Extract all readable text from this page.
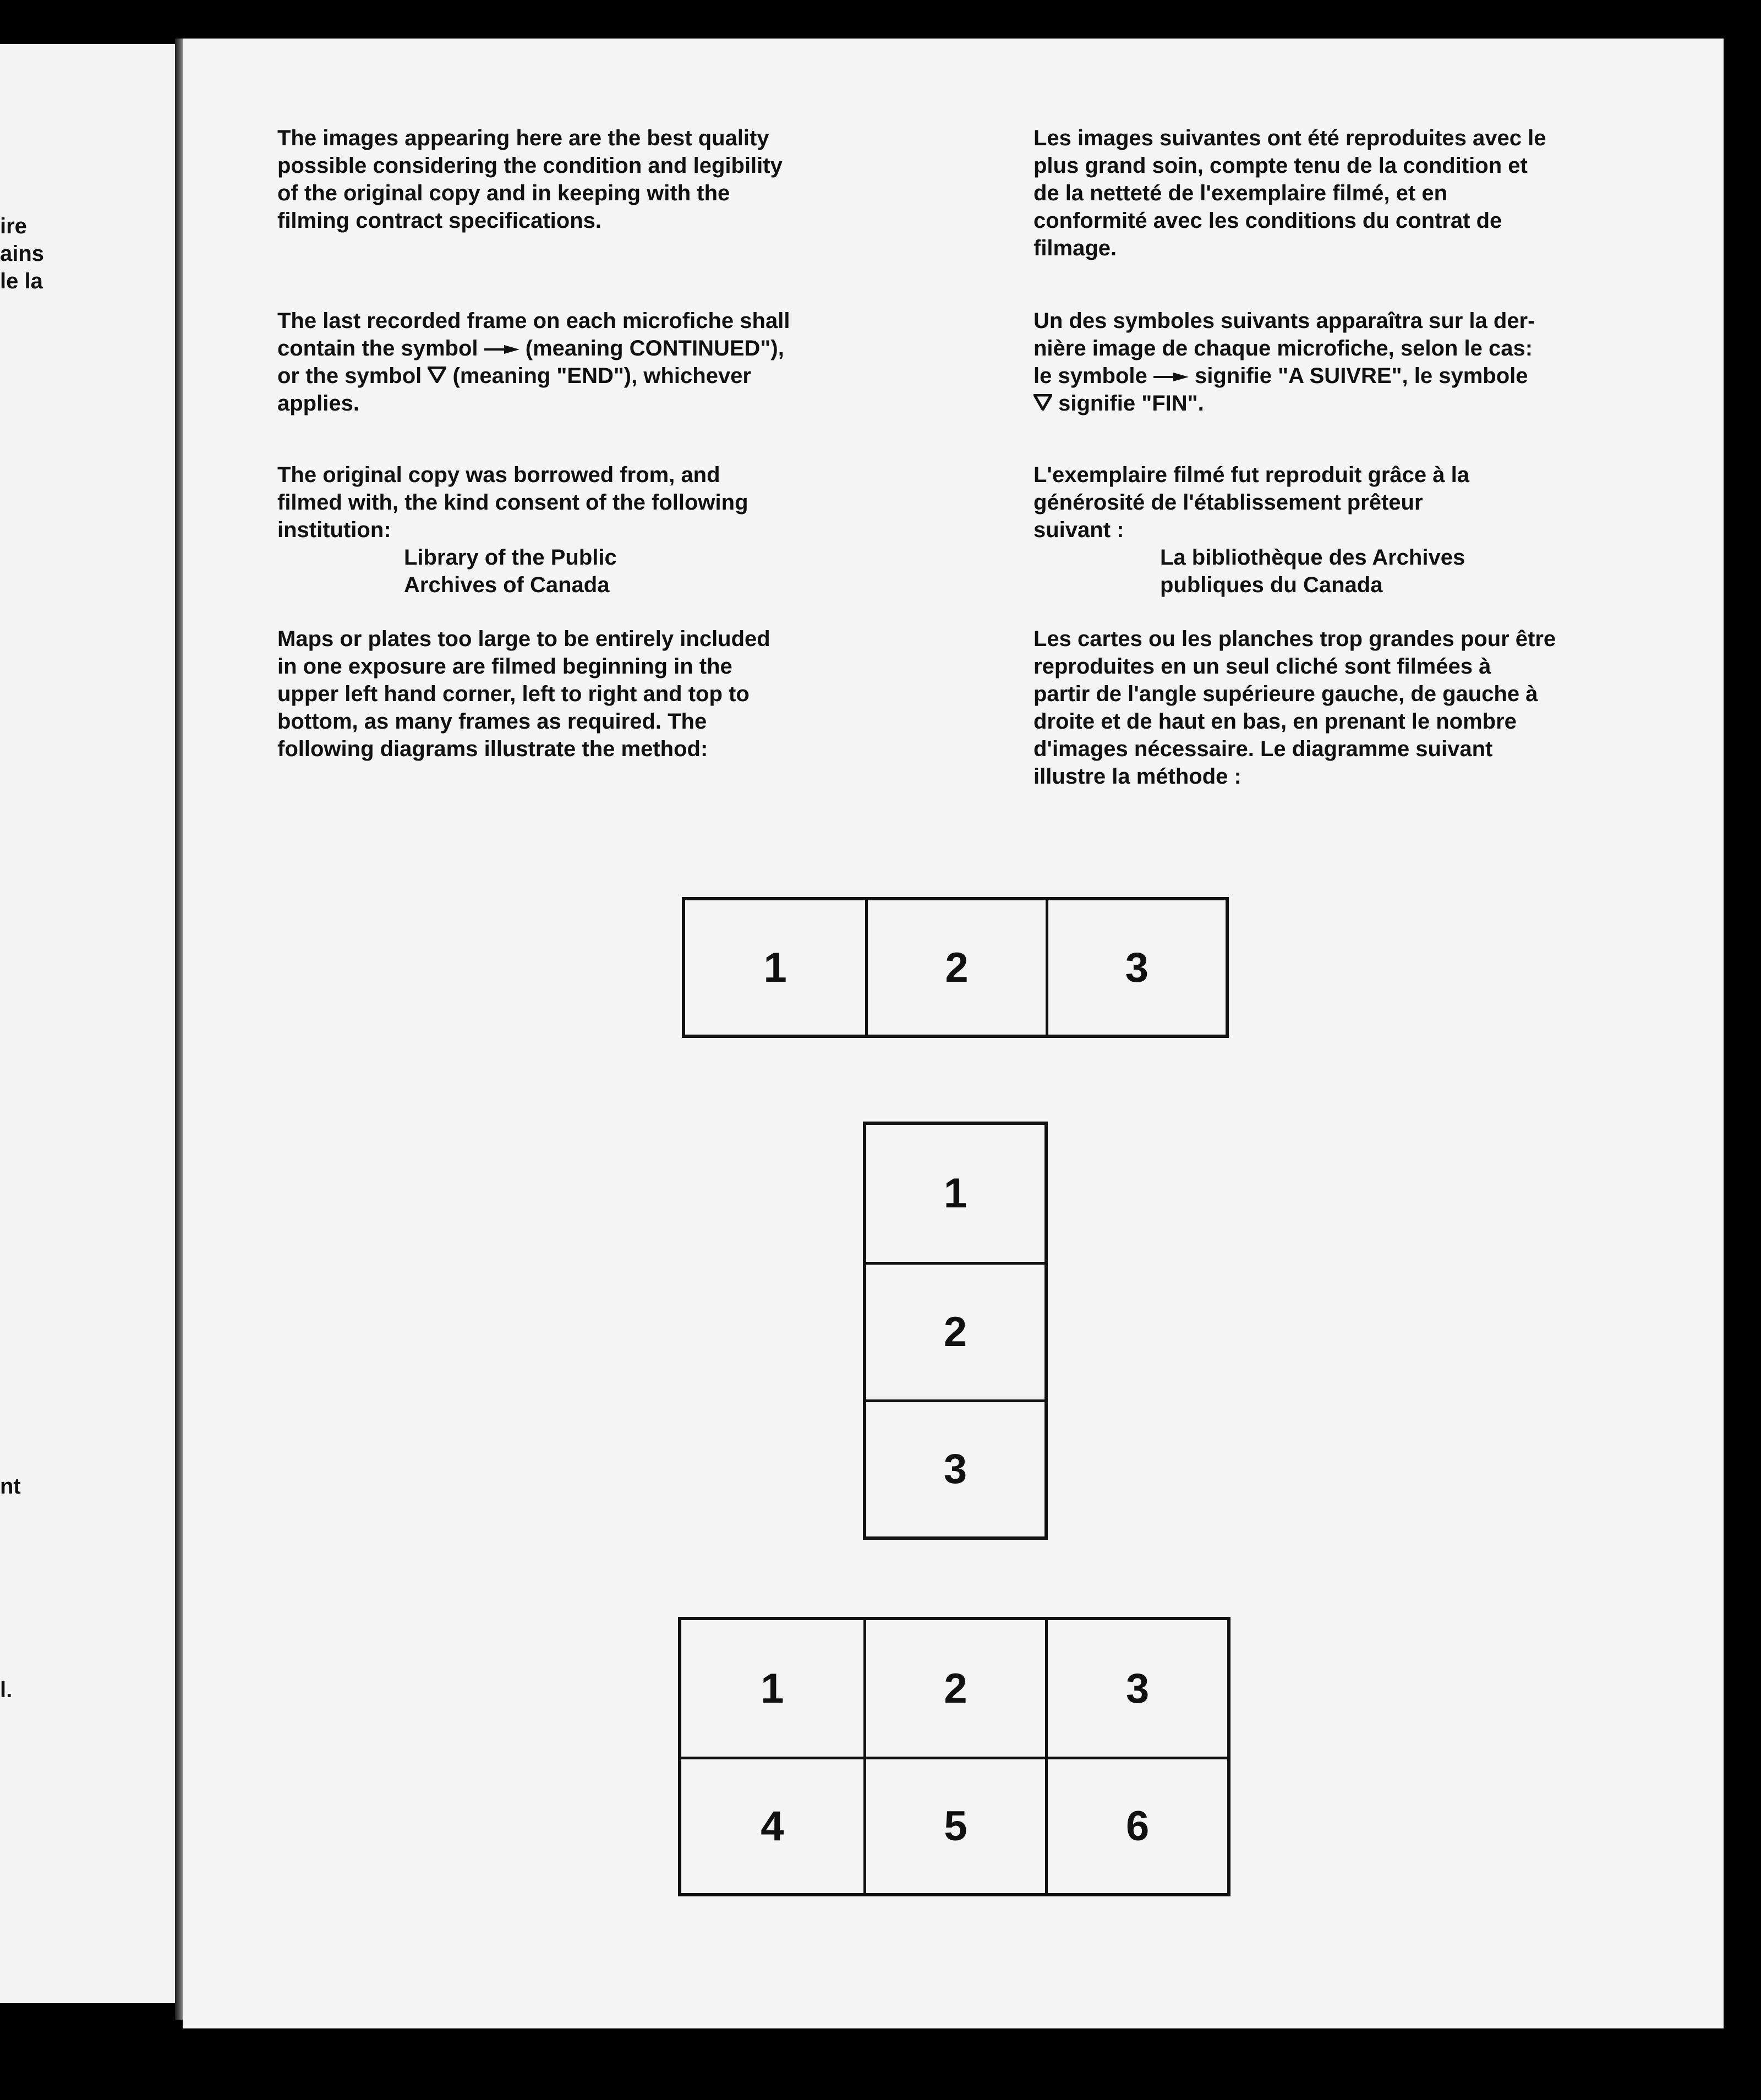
ire
ains
le la
nt
l.

The images appearing here are the best quality
possible considering the condition and legibility
of the original copy and in keeping with the
filming contract specifications.

The last recorded frame on each microfiche shall
contain the symbol (meaning CONTINUED"),
or the symbol (meaning "END"), whichever
applies.

The original copy was borrowed from, and
filmed with, the kind consent of the following
institution:

Library of the Public
Archives of Canada

Maps or plates too large to be entirely included
in one exposure are filmed beginning in the
upper left hand corner, left to right and top to
bottom, as many frames as required. The
following diagrams illustrate the method:

Les images suivantes ont été reproduites avec le
plus grand soin, compte tenu de la condition et
de la netteté de l'exemplaire filmé, et en
conformité avec les conditions du contrat de
filmage.

Un des symboles suivants apparaîtra sur la der-
nière image de chaque microfiche, selon le cas:
le symbole signifie "A SUIVRE", le symbole
signifie "FIN".

L'exemplaire filmé fut reproduit grâce à la
générosité de l'établissement prêteur
suivant :

La bibliothèque des Archives
publiques du Canada

Les cartes ou les planches trop grandes pour être
reproduites en un seul cliché sont filmées à
partir de l'angle supérieure gauche, de gauche à
droite et de haut en bas, en prenant le nombre
d'images nécessaire. Le diagramme suivant
illustre la méthode :

1	2	3
1
2
3
1	2	3
4	5	6
